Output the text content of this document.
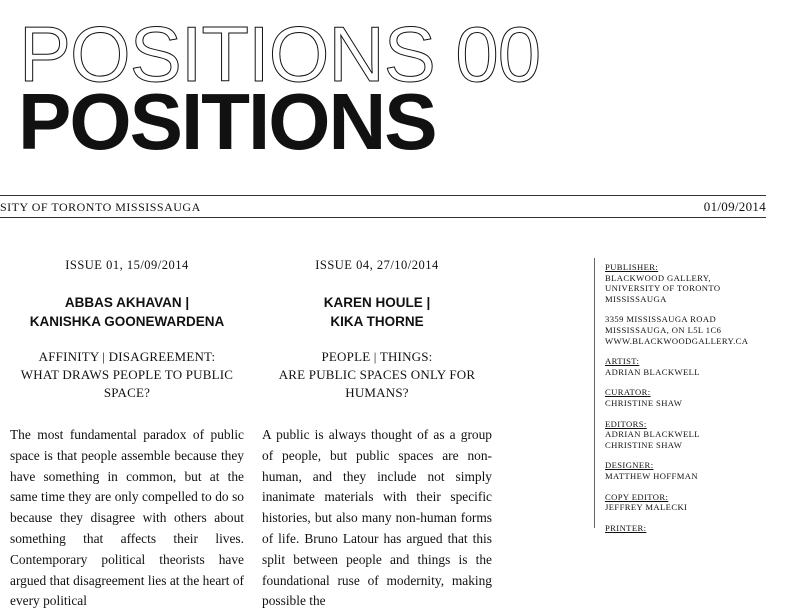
POSITIONS 00
POSITIONS
SITY OF TORONTO MISSISSAUGA	01/09/2014

ISSUE 01, 15/09/2014

ABBAS AKHAVAN |
KANISHKA GOONEWARDENA

AFFINITY | DISAGREEMENT:
WHAT DRAWS PEOPLE TO PUBLIC
SPACE?

The most fundamental paradox of public space is that people assemble because they have something in common, but at the same time they are only compelled to do so because they disagree with others about something that affects their lives. Contemporary political theorists have argued that disagreement lies at the heart of every political

ISSUE 04, 27/10/2014

KAREN HOULE |
KIKA THORNE

PEOPLE | THINGS:
ARE PUBLIC SPACES ONLY FOR
HUMANS?

A public is always thought of as a group of people, but public spaces are non-human, and they include not simply inanimate materials with their specific histories, but also many non-human forms of life. Bruno Latour has argued that this split between people and things is the foundational ruse of modernity, making possible the

PUBLISHER:
BLACKWOOD GALLERY,
UNIVERSITY OF TORONTO
MISSISSAUGA
3359 MISSISSAUGA ROAD
MISSISSAUGA, ON L5L 1C6
WWW.BLACKWOODGALLERY.CA
ARTIST:
ADRIAN BLACKWELL
CURATOR:
CHRISTINE SHAW
EDITORS:
ADRIAN BLACKWELL
CHRISTINE SHAW
DESIGNER:
MATTHEW HOFFMAN
COPY EDITOR:
JEFFREY MALECKI
PRINTER:
